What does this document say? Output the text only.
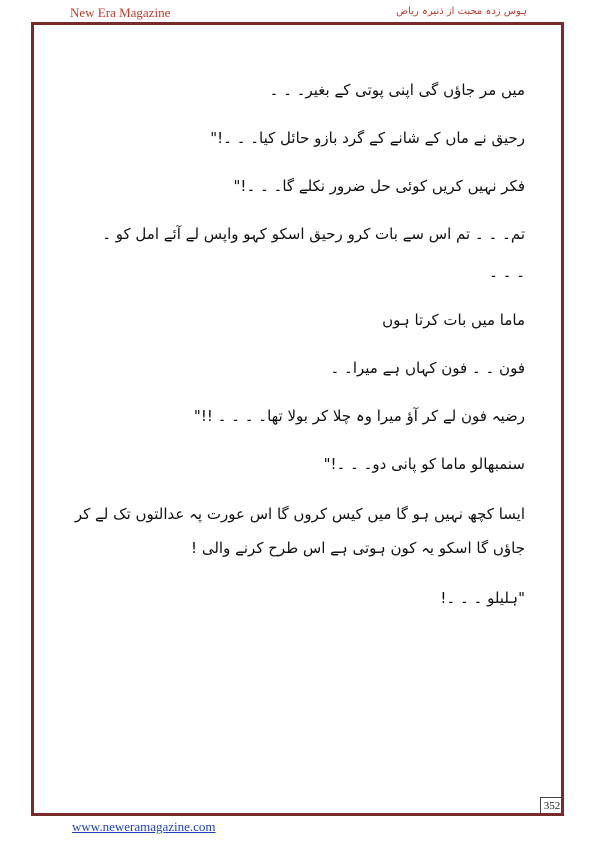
New Era Magazine	ہوس زدہ محبت از ذنیرہ ریاض
میں مر جاؤں گی اپنی پوتی کے بغیر۔ ۔ ۔
رحیق نے ماں کے شانے کے گرد بازو حائل کیا۔ ۔ ۔!"
فکر نہیں کریں کوئی حل ضرور نکلے گا۔ ۔ ۔!"
تم۔ ۔ ۔ تم اس سے بات کرو رحیق اسکو کہو واپس لے آئے امل کو ۔
۔ ۔ ۔
ماما میں بات کرتا ہوں
فون ۔ ۔ فون کہاں ہے میرا۔ ۔
رضیہ فون لے کر آؤ میرا وہ چلا کر بولا تھا۔ ۔ ۔ ۔ !!"
سنمبھالو ماما کو پانی دو۔ ۔ ۔!"
ایسا کچھ نہیں ہو گا میں کیس کروں گا اس عورت پہ عدالتوں تک لے کر جاؤں گا اسکو یہ کون ہوتی ہے اس طرح کرنے والی !
"ہلیلو ۔ ۔ ۔!
352
www.neweramagazine.com
